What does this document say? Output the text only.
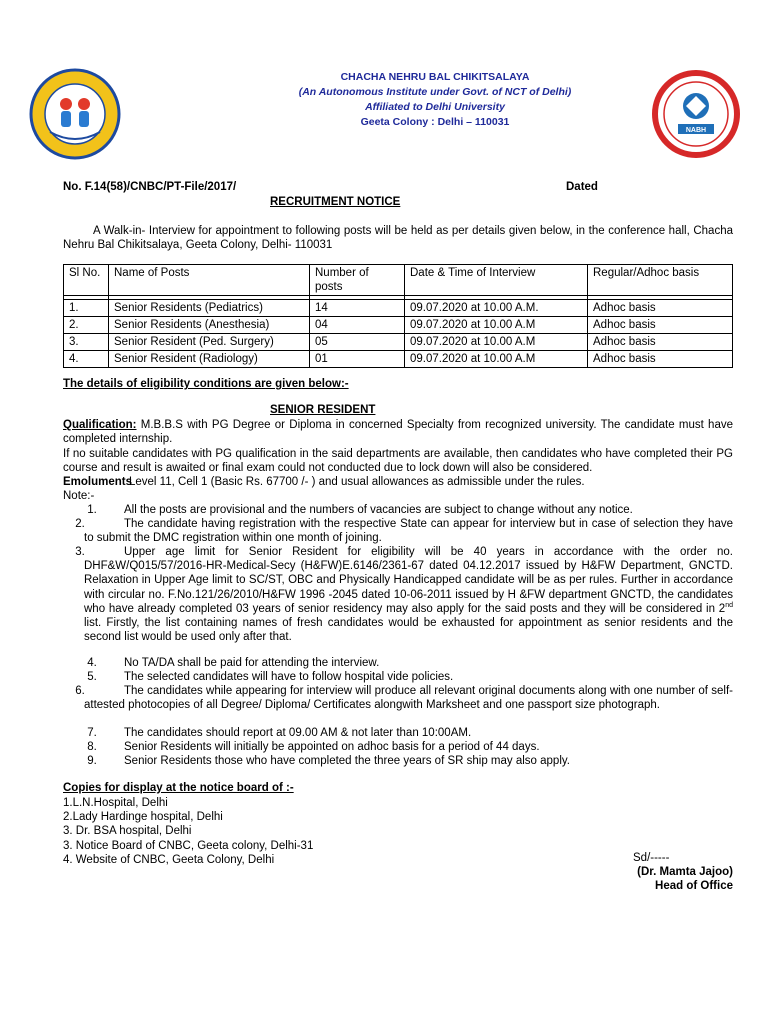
NABH
CHACHA NEHRU BAL CHIKITSALAYA
(An Autonomous Institute under Govt. of NCT of Delhi)
Affiliated to Delhi University
Geeta Colony : Delhi – 110031
No. F.14(58)/CNBC/PT-File/2017/	Dated
RECRUITMENT NOTICE
A Walk-in- Interview for appointment to following posts will be held as per details given below, in the conference hall, Chacha Nehru Bal Chikitsalaya, Geeta Colony, Delhi- 110031
Sl No.	Name of Posts	Number of posts	Date & Time of Interview	Regular/Adhoc basis

1.	Senior Residents (Pediatrics)	14	09.07.2020 at 10.00 A.M.	Adhoc basis
2.	Senior Residents (Anesthesia)	04	09.07.2020 at 10.00 A.M	Adhoc basis
3.	Senior Resident (Ped. Surgery)	05	09.07.2020 at 10.00 A.M	Adhoc basis
4.	Senior Resident (Radiology)	01	09.07.2020 at 10.00 A.M	Adhoc basis
The details of eligibility conditions are given below:-
SENIOR RESIDENT
Qualification: M.B.B.S with PG Degree or Diploma in concerned Specialty from recognized university. The candidate must have completed internship.
If no suitable candidates with PG qualification in the said departments are available, then candidates who have completed their PG course and result is awaited or final exam could not conducted due to lock down will also be considered.
EmolumentsLevel 11, Cell 1 (Basic Rs. 67700 /- ) and usual allowances as admissible under the rules.
Note:-
1. All the posts are provisional and the numbers of vacancies are subject to change without any notice.
2.	The candidate having registration with the respective State can appear for interview but in case of selection they have to submit the DMC registration within one month of joining.
3.	Upper age limit for Senior Resident for eligibility will be 40 years in accordance with the order no. DHF&W/Q015/57/2016-HR-Medical-Secy (H&FW)E.6146/2361-67 dated 04.12.2017 issued by H&FW Department, GNCTD. Relaxation in Upper Age limit to SC/ST, OBC and Physically Handicapped candidate will be as per rules. Further in accordance with circular no. F.No.121/26/2010/H&FW 1996 -2045 dated 10-06-2011 issued by H &FW department GNCTD, the candidates who have already completed 03 years of senior residency may also apply for the said posts and they will be considered in 2nd list. Firstly, the list containing names of fresh candidates would be exhausted for appointment as senior residents and the second list would be used only after that.
4. No TA/DA shall be paid for attending the interview.
5. The selected candidates will have to follow hospital vide policies.
6.	The candidates while appearing for interview will produce all relevant original documents along with one number of self-attested photocopies of all Degree/ Diploma/ Certificates alongwith Marksheet and one passport size photograph.
7. The candidates should report at 09.00 AM & not later than 10:00AM.
8. Senior Residents will initially be appointed on adhoc basis for a period of 44 days.
9. Senior Residents those who have completed the three years of SR ship may also apply.
Copies for display at the notice board of :-
1.L.N.Hospital, Delhi
2.Lady Hardinge hospital, Delhi
3. Dr. BSA hospital, Delhi
3. Notice Board of CNBC, Geeta colony, Delhi-31
4. Website of CNBC, Geeta Colony, Delhi	Sd/-----
(Dr. Mamta Jajoo)
Head of Office
